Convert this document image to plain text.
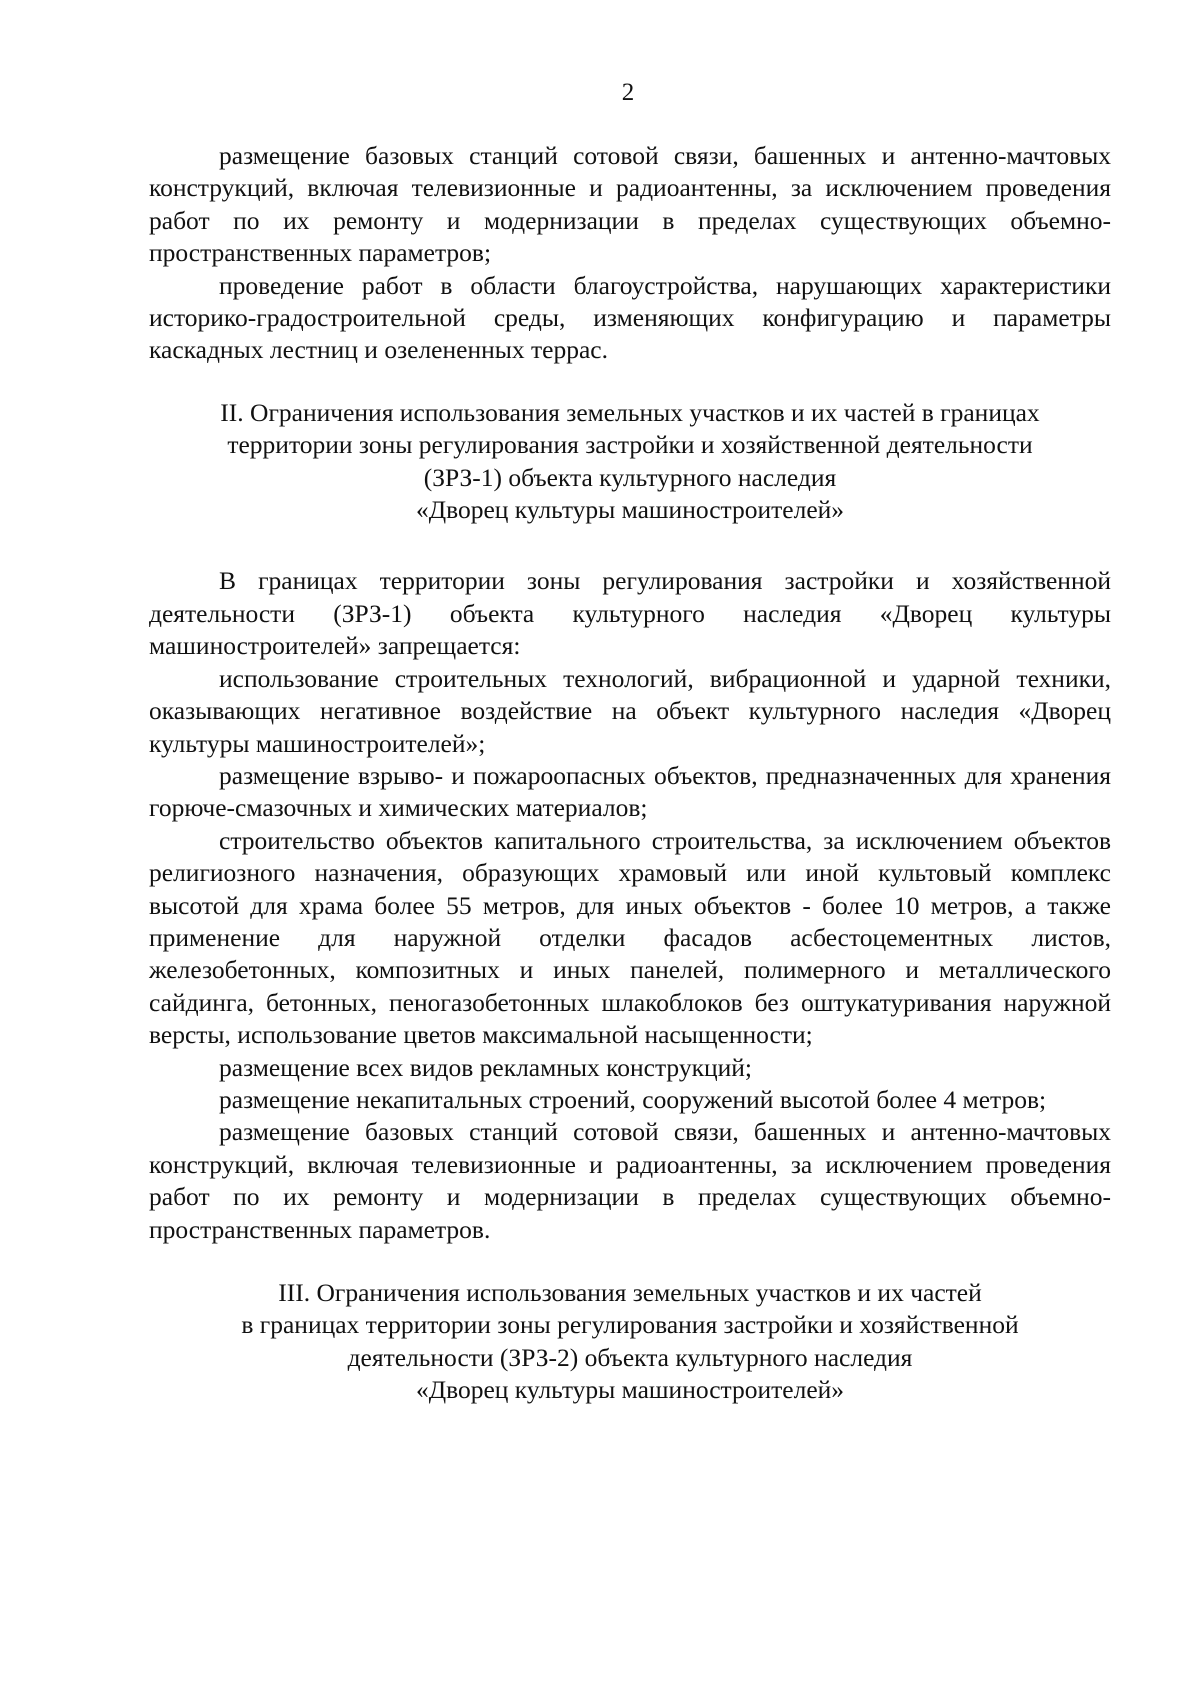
2

размещение базовых станций сотовой связи, башенных и антенно-мачтовых конструкций, включая телевизионные и радиоантенны, за исключением проведения работ по их ремонту и модернизации в пределах существующих объемно-пространственных параметров;

проведение работ в области благоустройства, нарушающих характеристики историко-градостроительной среды, изменяющих конфигурацию и параметры каскадных лестниц и озелененных террас.

II. Ограничения использования земельных участков и их частей в границах
территории зоны регулирования застройки и хозяйственной деятельности
(ЗРЗ-1) объекта культурного наследия
«Дворец культуры машиностроителей»

В границах территории зоны регулирования застройки и хозяйственной деятельности (ЗРЗ-1) объекта культурного наследия «Дворец культуры машиностроителей» запрещается:

использование строительных технологий, вибрационной и ударной техники, оказывающих негативное воздействие на объект культурного наследия «Дворец культуры машиностроителей»;

размещение взрыво- и пожароопасных объектов, предназначенных для хранения горюче-смазочных и химических материалов;

строительство объектов капитального строительства, за исключением объектов религиозного назначения, образующих храмовый или иной культовый комплекс высотой для храма более 55 метров, для иных объектов - более 10 метров, а также применение для наружной отделки фасадов асбестоцементных листов, железобетонных, композитных и иных панелей, полимерного и металлического сайдинга, бетонных, пеногазобетонных шлакоблоков без оштукатуривания наружной версты, использование цветов максимальной насыщенности;

размещение всех видов рекламных конструкций;

размещение некапитальных строений, сооружений высотой более 4 метров;

размещение базовых станций сотовой связи, башенных и антенно-мачтовых конструкций, включая телевизионные и радиоантенны, за исключением проведения работ по их ремонту и модернизации в пределах существующих объемно-пространственных параметров.

III. Ограничения использования земельных участков и их частей
в границах территории зоны регулирования застройки и хозяйственной
деятельности (ЗРЗ-2) объекта культурного наследия
«Дворец культуры машиностроителей»
